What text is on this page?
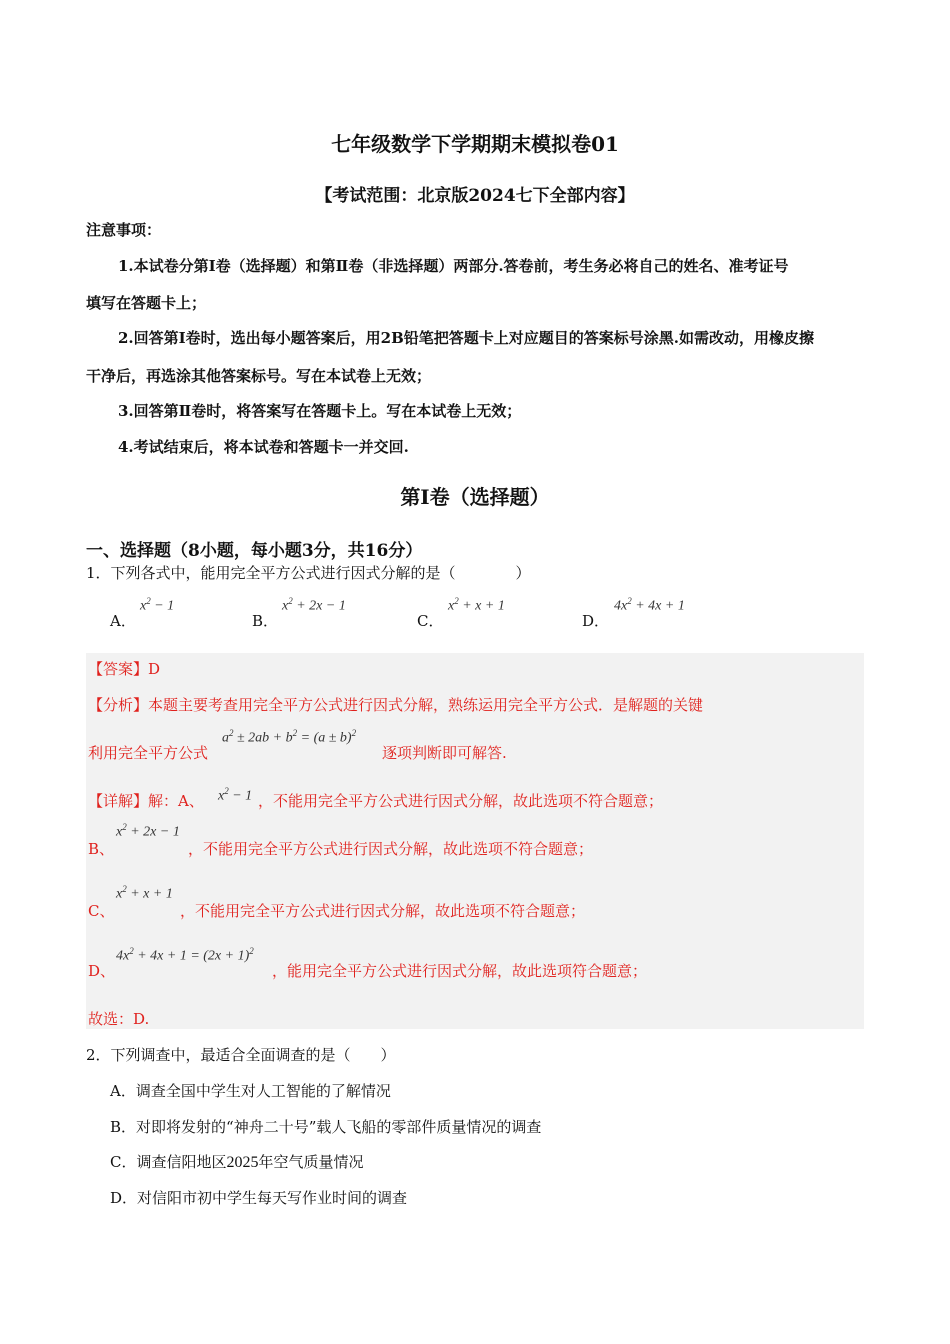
七年级数学下学期期末模拟卷01
【考试范围：北京版2024七下全部内容】
注意事项：
1.本试卷分第Ⅰ卷（选择题）和第Ⅱ卷（非选择题）两部分.答卷前，考生务必将自己的姓名、准考证号
填写在答题卡上；
2.回答第Ⅰ卷时，选出每小题答案后，用2B铅笔把答题卡上对应题目的答案标号涂黑.如需改动，用橡皮擦
干净后，再选涂其他答案标号。写在本试卷上无效；
3.回答第Ⅱ卷时，将答案写在答题卡上。写在本试卷上无效；
4.考试结束后，将本试卷和答题卡一并交回.
第I卷（选择题）
一、选择题（8小题，每小题3分，共16分）
1．下列各式中，能用完全平方公式进行因式分解的是（　　　　）
A．
$x^2 - 1$
B．
$x^2 + 2x - 1$
C．
$x^2 + x + 1$
D．
$4x^2 + 4x + 1$
【答案】D
【分析】本题主要考查用完全平方公式进行因式分解，熟练运用完全平方公式．是解题的关键
利用完全平方公式
$a^2 \pm 2ab + b^2 = (a \pm b)^2$
逐项判断即可解答.
【详解】解：A、 $x^2 - 1$ ，不能用完全平方公式进行因式分解，故此选项不符合题意；
B、
$x^2 + 2x - 1$
，不能用完全平方公式进行因式分解，故此选项不符合题意；
C、
$x^2 + x + 1$
，不能用完全平方公式进行因式分解，故此选项不符合题意；
D、
$4x^2 + 4x + 1 = (2x + 1)^2$
，能用完全平方公式进行因式分解，故此选项符合题意；
故选：D.
2．下列调查中，最适合全面调查的是（　　）
A．调查全国中学生对人工智能的了解情况
B．对即将发射的“神舟二十号”载人飞船的零部件质量情况的调查
C．调查信阳地区2025年空气质量情况
D．对信阳市初中学生每天写作业时间的调查
